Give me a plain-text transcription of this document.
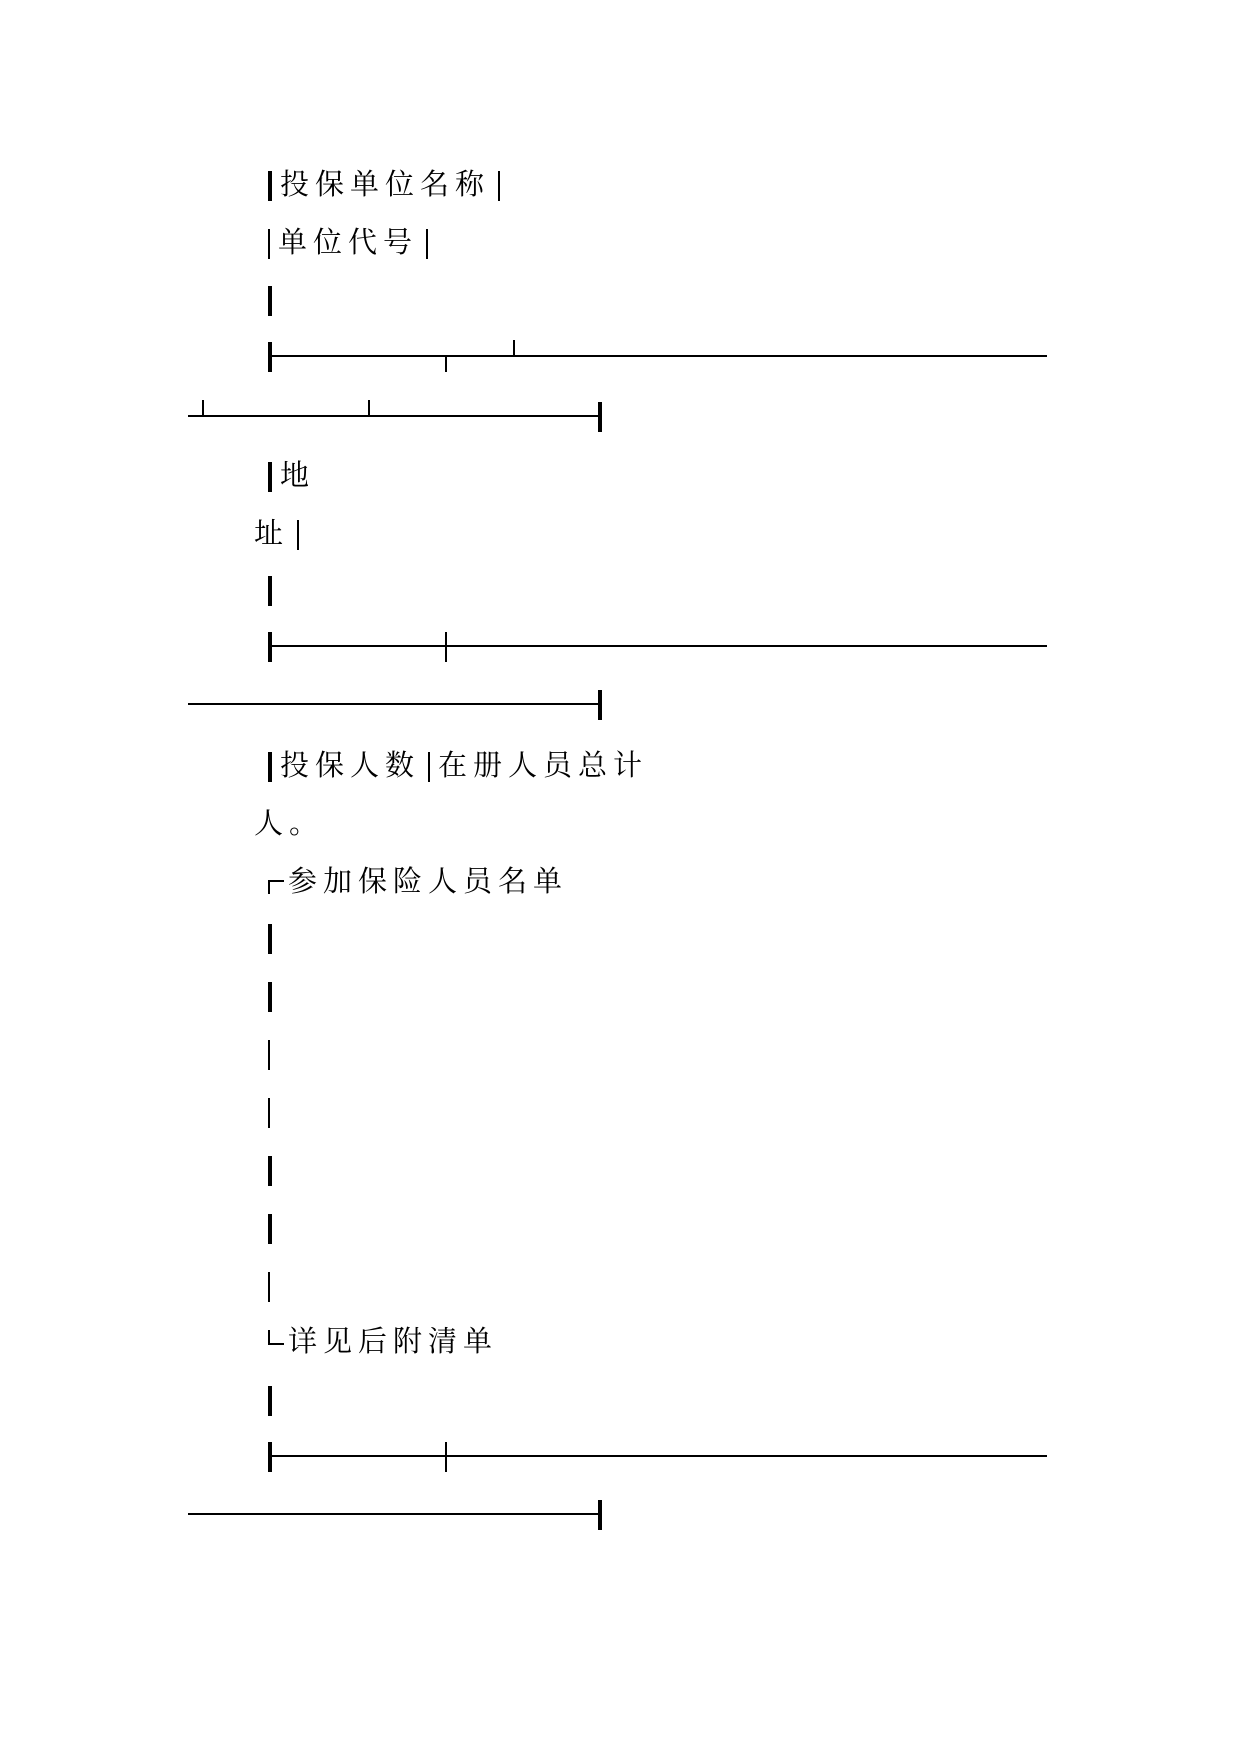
投保单位名称
单位代号
地
址
投保人数 在册人员总计
人。
参加保险人员名单
详见后附清单
